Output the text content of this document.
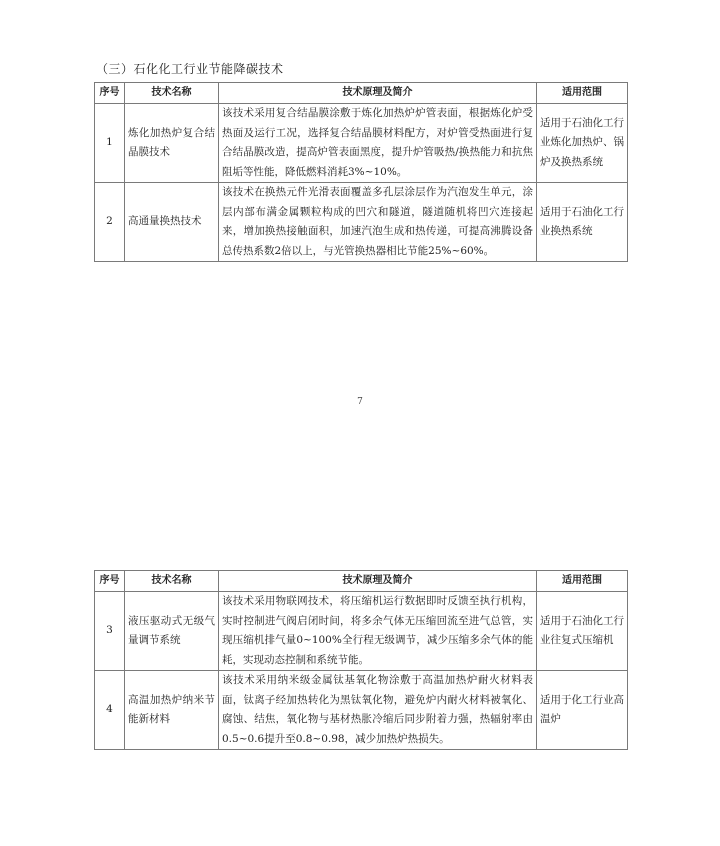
（三）石化化工行业节能降碳技术
序号	技术名称	技术原理及简介	适用范围
1	炼化加热炉复合结晶膜技术	该技术采用复合结晶膜涂敷于炼化加热炉炉管表面，根据炼化炉受热面及运行工况，选择复合结晶膜材料配方，对炉管受热面进行复合结晶膜改造，提高炉管表面黑度，提升炉管吸热/换热能力和抗焦阻垢等性能，降低燃料消耗3%~10%。	适用于石油化工行业炼化加热炉、锅炉及换热系统
2	高通量换热技术	该技术在换热元件光滑表面覆盖多孔层涂层作为汽泡发生单元，涂层内部布满金属颗粒构成的凹穴和隧道，隧道随机将凹穴连接起来，增加换热接触面积，加速汽泡生成和热传递，可提高沸腾设备总传热系数2倍以上，与光管换热器相比节能25%~60%。	适用于石油化工行业换热系统
7
序号	技术名称	技术原理及简介	适用范围
3	液压驱动式无级气量调节系统	该技术采用物联网技术，将压缩机运行数据即时反馈至执行机构，实时控制进气阀启闭时间，将多余气体无压缩回流至进气总管，实现压缩机排气量0~100%全行程无级调节，减少压缩多余气体的能耗，实现动态控制和系统节能。	适用于石油化工行业往复式压缩机
4	高温加热炉纳米节能新材料	该技术采用纳米级金属钛基氧化物涂敷于高温加热炉耐火材料表面，钛离子经加热转化为黑钛氧化物，避免炉内耐火材料被氧化、腐蚀、结焦，氧化物与基材热胀冷缩后同步附着力强，热辐射率由0.5~0.6提升至0.8~0.98，减少加热炉热损失。	适用于化工行业高温炉
